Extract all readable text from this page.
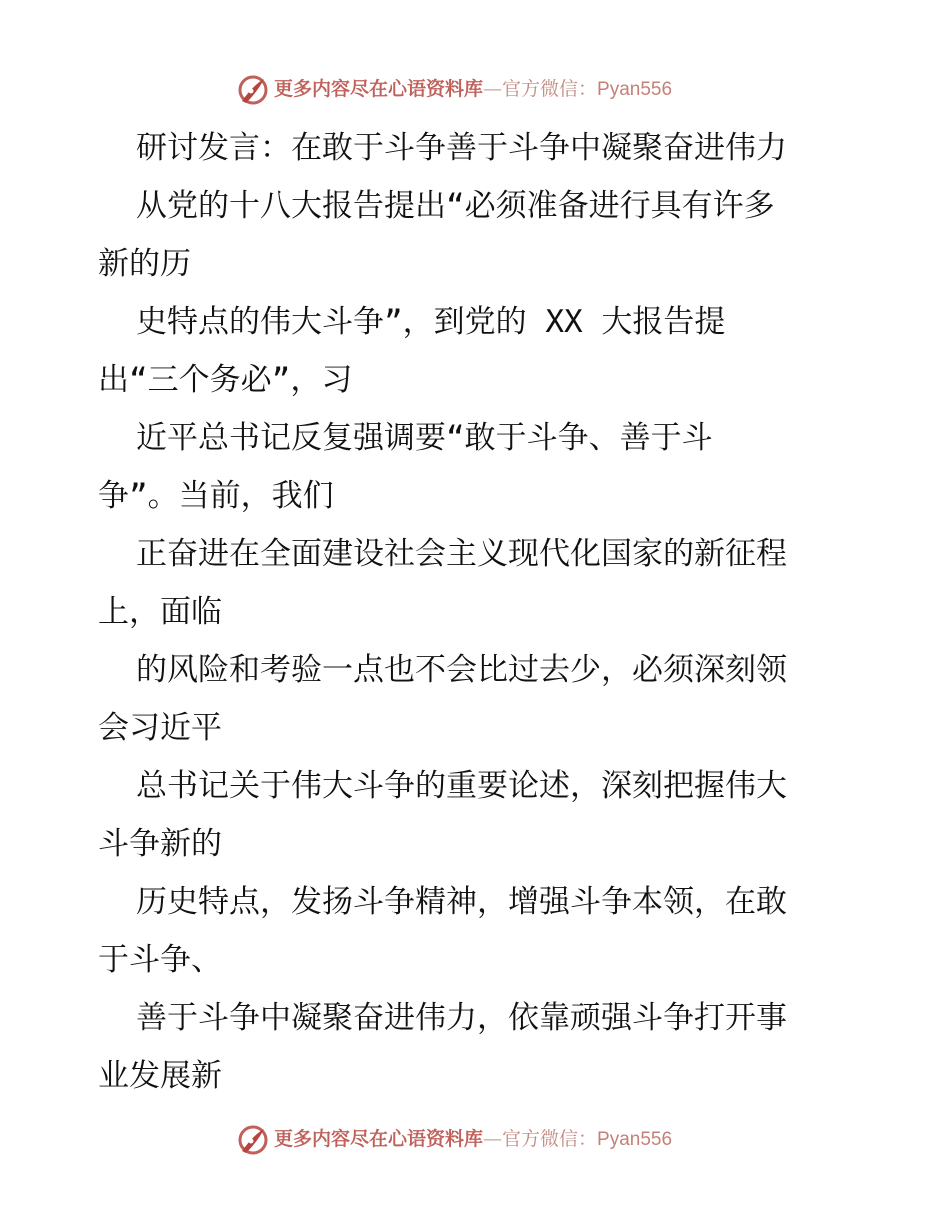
更多内容尽在心语资料库—官方微信：Pyan556
研讨发言：在敢于斗争善于斗争中凝聚奋进伟力
从党的十八大报告提出“必须准备进行具有许多
新的历
史特点的伟大斗争”，到党的 XX 大报告提
出“三个务必”，习
近平总书记反复强调要“敢于斗争、善于斗
争”。当前，我们
正奋进在全面建设社会主义现代化国家的新征程
上，面临
的风险和考验一点也不会比过去少，必须深刻领
会习近平
总书记关于伟大斗争的重要论述，深刻把握伟大
斗争新的
历史特点，发扬斗争精神，增强斗争本领，在敢
于斗争、
善于斗争中凝聚奋进伟力，依靠顽强斗争打开事
业发展新
更多内容尽在心语资料库—官方微信：Pyan556
